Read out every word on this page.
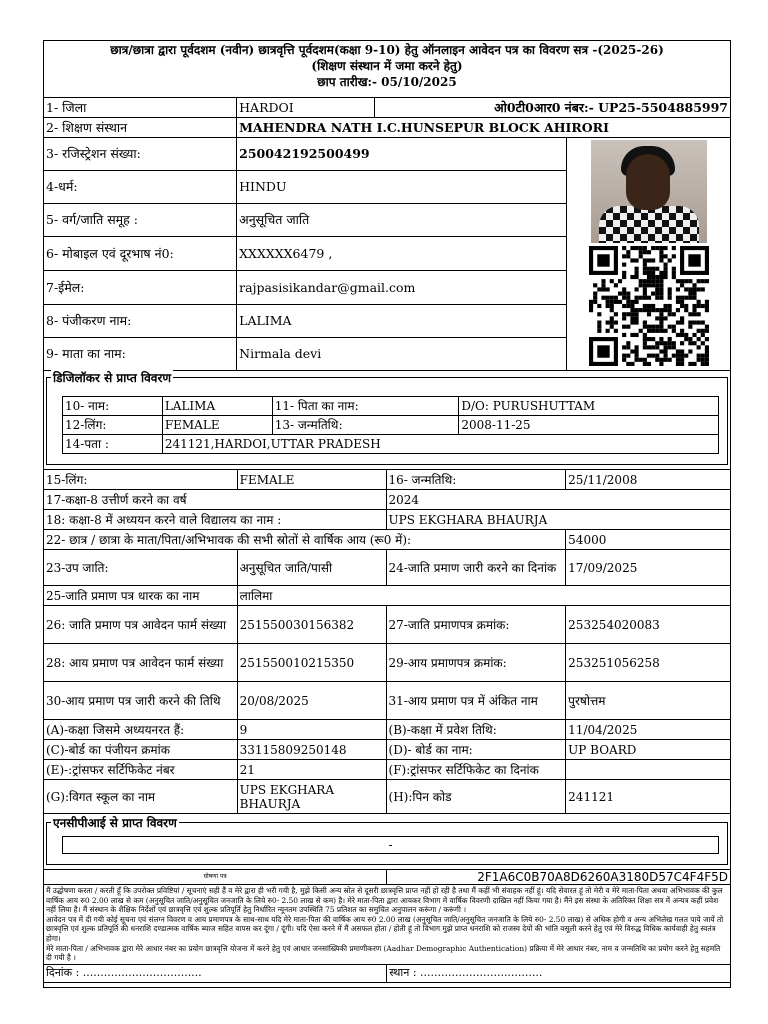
छात्र/छात्रा द्वारा पूर्वदशम (नवीन) छात्रवृत्ति पूर्वदशम(कक्षा 9-10) हेतु ऑनलाइन आवेदन पत्र का विवरण सत्र -(2025-26)
(शिक्षण संस्थान में जमा करने हेतु)
छाप तारीख:- 05/10/2025
1- जिला	HARDOI	ओ0टी0आर0 नंबर:- UP25-5504885997	
2- शिक्षण संस्थान	MAHENDRA NATH I.C.HUNSEPUR BLOCK AHIRORI		
3- रजिस्ट्रेशन संख्या:	250042192500499	

4-धर्म:	HINDU		
5- वर्ग/जाति समूह :	अनुसूचित जाति		
6- मोबाइल एवं दूरभाष नं0:	XXXXXX6479 ,		
7-ईमेल:	rajpasisikandar@gmail.com		
8- पंजीकरण नाम:	LALIMA		
9- माता का नाम:	Nirmala devi		
डिजिलॉकर से प्राप्त विवरण
10- नाम:	LALIMA	11- पिता का नाम:	D/O: PURUSHUTTAM
12-लिंग:	FEMALE	13- जन्मतिथि:	2008-11-25
14-पता :	241121,HARDOI,UTTAR PRADESH		
15-लिंग:	FEMALE	16- जन्मतिथि:	25/11/2008
17-कक्षा-8 उत्तीर्ण करने का वर्ष		2024	
18: कक्षा-8 में अध्ययन करने वाले विद्यालय का नाम :		UPS EKGHARA BHAURJA	
22- छात्र / छात्रा के माता/पिता/अभिभावक की सभी स्रोतों से वार्षिक आय (रू0 में):			54000
23-उप जाति:	अनुसूचित जाति/पासी	24-जाति प्रमाण जारी करने का दिनांक	17/09/2025
25-जाति प्रमाण पत्र धारक का नाम	लालिमा		
26: जाति प्रमाण पत्र आवेदन फार्म संख्या	251550030156382	27-जाति प्रमाणपत्र क्रमांक:	253254020083
28: आय प्रमाण पत्र आवेदन फार्म संख्या	251550010215350	29-आय प्रमाणपत्र क्रमांक:	253251056258
30-आय प्रमाण पत्र जारी करने की तिथि	20/08/2025	31-आय प्रमाण पत्र में अंकित नाम	पुरषोत्तम
(A)-कक्षा जिसमे अध्ययनरत हैं:	9	(B)-कक्षा में प्रवेश तिथि:	11/04/2025
(C)-बोर्ड का पंजीयन क्रमांक	33115809250148	(D)- बोर्ड का नाम:	UP BOARD
(E)-:ट्रांसफर सर्टिफिकेट नंबर	21	(F):ट्रांसफर सर्टिफिकेट का दिनांक	
(G):विगत स्कूल का नाम	UPS EKGHARA BHAURJA	(H):पिन कोड	241121
एनसीपीआई से प्राप्त विवरण
-
घोषणा पत्र	2F1A6C0B70A8D6260A3180D57C4F4F5D

मैं उद्घोषणा करता / करती हूँ कि उपरोक्त प्रविष्टियां / सूचनाएं सही हैं व मेरे द्वारा ही भरी गयी है, मुझे किसी अन्य स्रोत से दूसरी छात्रवृत्ति प्राप्त नहीं हो रही है तथा मैं कहीं भी संवाहक नहीं हूं। यदि सेवारत हूं तो मेरी व मेरे माता-पिता अथवा अभिभावक की कुल वार्षिक आय रु0 2.00 लाख से कम (अनुसूचित जाति/अनुसूचित जनजाति के लिये रु0- 2.50 लाख से कम) है। मेरे माता-पिता द्वारा आयकर विभाग में वार्षिक विवरणी दाखिल नहीं किया गया है। मैंने इस संस्था के अतिरिक्त शिक्षा सत्र में अन्यत्र कहीं प्रवेश नहीं लिया है। मैं संस्थान के शैक्षिक निर्देशों एवं छात्रवृत्ति एवं शुल्क प्रतिपूर्ति हेतु निर्धारित न्यूनतम उपस्थिति 75 प्रतिशत का समुचित अनुपालन करूंगा / करूंगी ।
आवेदन पत्र में दी गयी कोई सूचना एवं संलग्न विवरण व आय प्रमाणपत्र के साथ-साथ यदि मेरे माता-पिता की वार्षिक आय रु0 2.00 लाख (अनुसूचित जाति/अनुसूचित जनजाति के लिये रु0- 2.50 लाख) से अधिक होगी व अन्य अभिलेख गलत पाये जायें तो छात्रवृत्ति एवं शुल्क प्रतिपूर्ति की धनराशि दण्डात्मक वार्षिक ब्याज सहित वापस कर दूंगा / दूंगी। यदि ऐसा करने में मैं असफल होता / होती हूं तो विभाग मुझे प्राप्त धनराशि को राजस्व देयों की भांति वसूली करने हेतु एवं मेरे विरुद्ध विधिक कार्यवाही हेतु स्वतंत्र होगा।
मेरे माता-पिता / अभिभावक द्वारा मेरे आधार नंबर का प्रयोग छात्रवृत्ति योजना में करने हेतु एवं आधार जनसांख्यिकी प्रमाणीकरण (Aadhar Demographic Authentication) प्रक्रिया में मेरे आधार नंबर, नाम व जन्मतिथि का प्रयोग करने हेतु सहमति दी गयी है ।	

दिनांक : ..................................	स्थान : ...................................
